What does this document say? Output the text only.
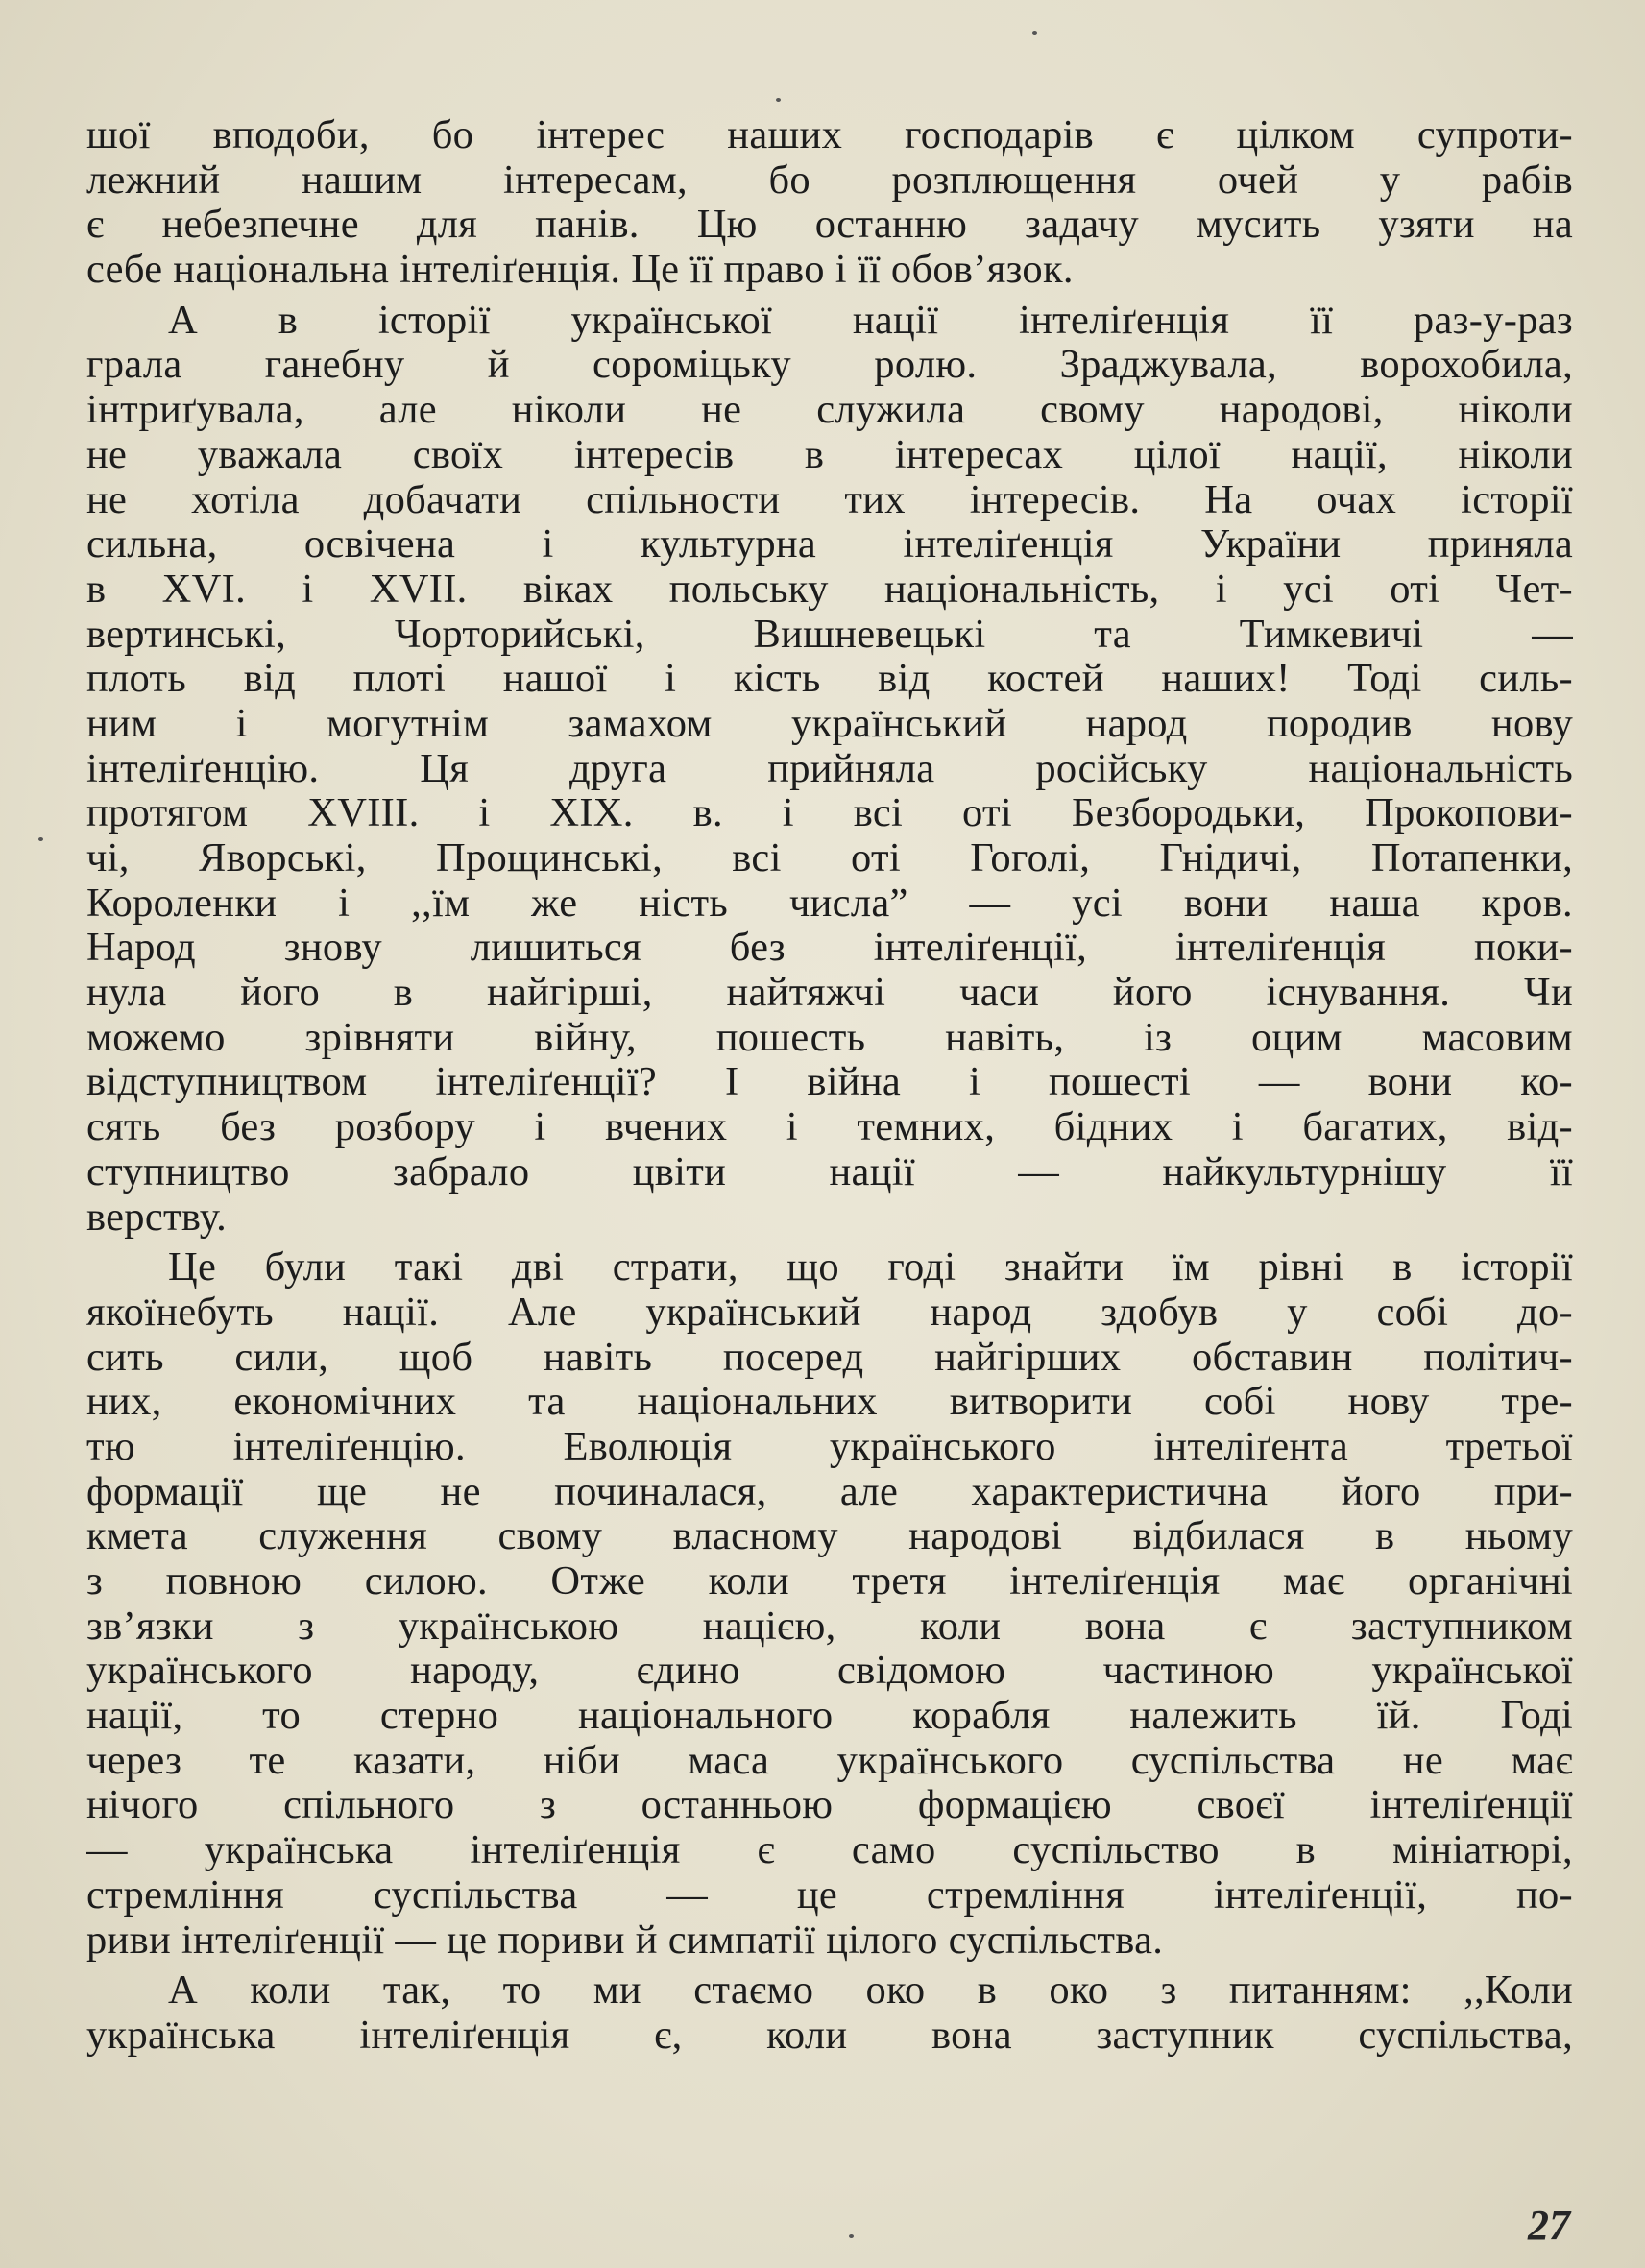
шої вподоби, бо інтерес наших господарів є цілком супроти-
лежний нашим інтересам, бо розплющення очей у рабів
є небезпечне для панів. Цю останню задачу мусить узяти на
себе національна інтеліґенція. Це її право і її обов’язок.
А в історії української нації інтеліґенція її раз-у-раз
грала ганебну й сороміцьку ролю. Зраджувала, ворохобила,
інтриґувала, але ніколи не служила свому народові, ніколи
не уважала своїх інтересів в інтересах цілої нації, ніколи
не хотіла добачати спільности тих інтересів. На очах історії
сильна, освічена і культурна інтеліґенція України приняла
в XVI. і XVII. віках польську національність, і усі оті Чет-
вертинські, Чорторийські, Вишневецькі та Тимкевичі —
плоть від плоті нашої і кість від костей наших! Тоді силь-
ним і могутнім замахом український народ породив нову
інтеліґенцію. Ця друга прийняла російську національність
протягом XVIII. і XIX. в. і всі оті Безбородьки, Прокопови-
чі, Яворські, Прощинські, всі оті Гоголі, Гнідичі, Потапенки,
Короленки і ,,їм же ність числа” — усі вони наша кров.
Народ знову лишиться без інтеліґенції, інтеліґенція поки-
нула його в найгірші, найтяжчі часи його існування. Чи
можемо зрівняти війну, пошесть навіть, із оцим масовим
відступництвом інтеліґенції? І війна і пошесті — вони ко-
сять без розбору і вчених і темних, бідних і багатих, від-
ступництво забрало цвіти нації — найкультурнішу її
верству.
Це були такі дві страти, що годі знайти їм рівні в історії
якоїнебуть нації. Але український народ здобув у собі до-
сить сили, щоб навіть посеред найгірших обставин політич-
них, економічних та національних витворити собі нову тре-
тю інтеліґенцію. Еволюція українського інтеліґента третьої
формації ще не починалася, але характеристична його при-
кмета служення свому власному народові відбилася в ньому
з повною силою. Отже коли третя інтеліґенція має органічні
зв’язки з українською нацією, коли вона є заступником
українського народу, єдино свідомою частиною української
нації, то стерно національного корабля належить їй. Годі
через те казати, ніби маса українського суспільства не має
нічого спільного з останньою формацією своєї інтеліґенції
— українська інтеліґенція є само суспільство в мініатюрі,
стремління суспільства — це стремління інтеліґенції, по-
риви інтеліґенції — це пориви й симпатії цілого суспільства.
А коли так, то ми стаємо око в око з питанням: ,,Коли
українська інтеліґенція є, коли вона заступник суспільства,
27
